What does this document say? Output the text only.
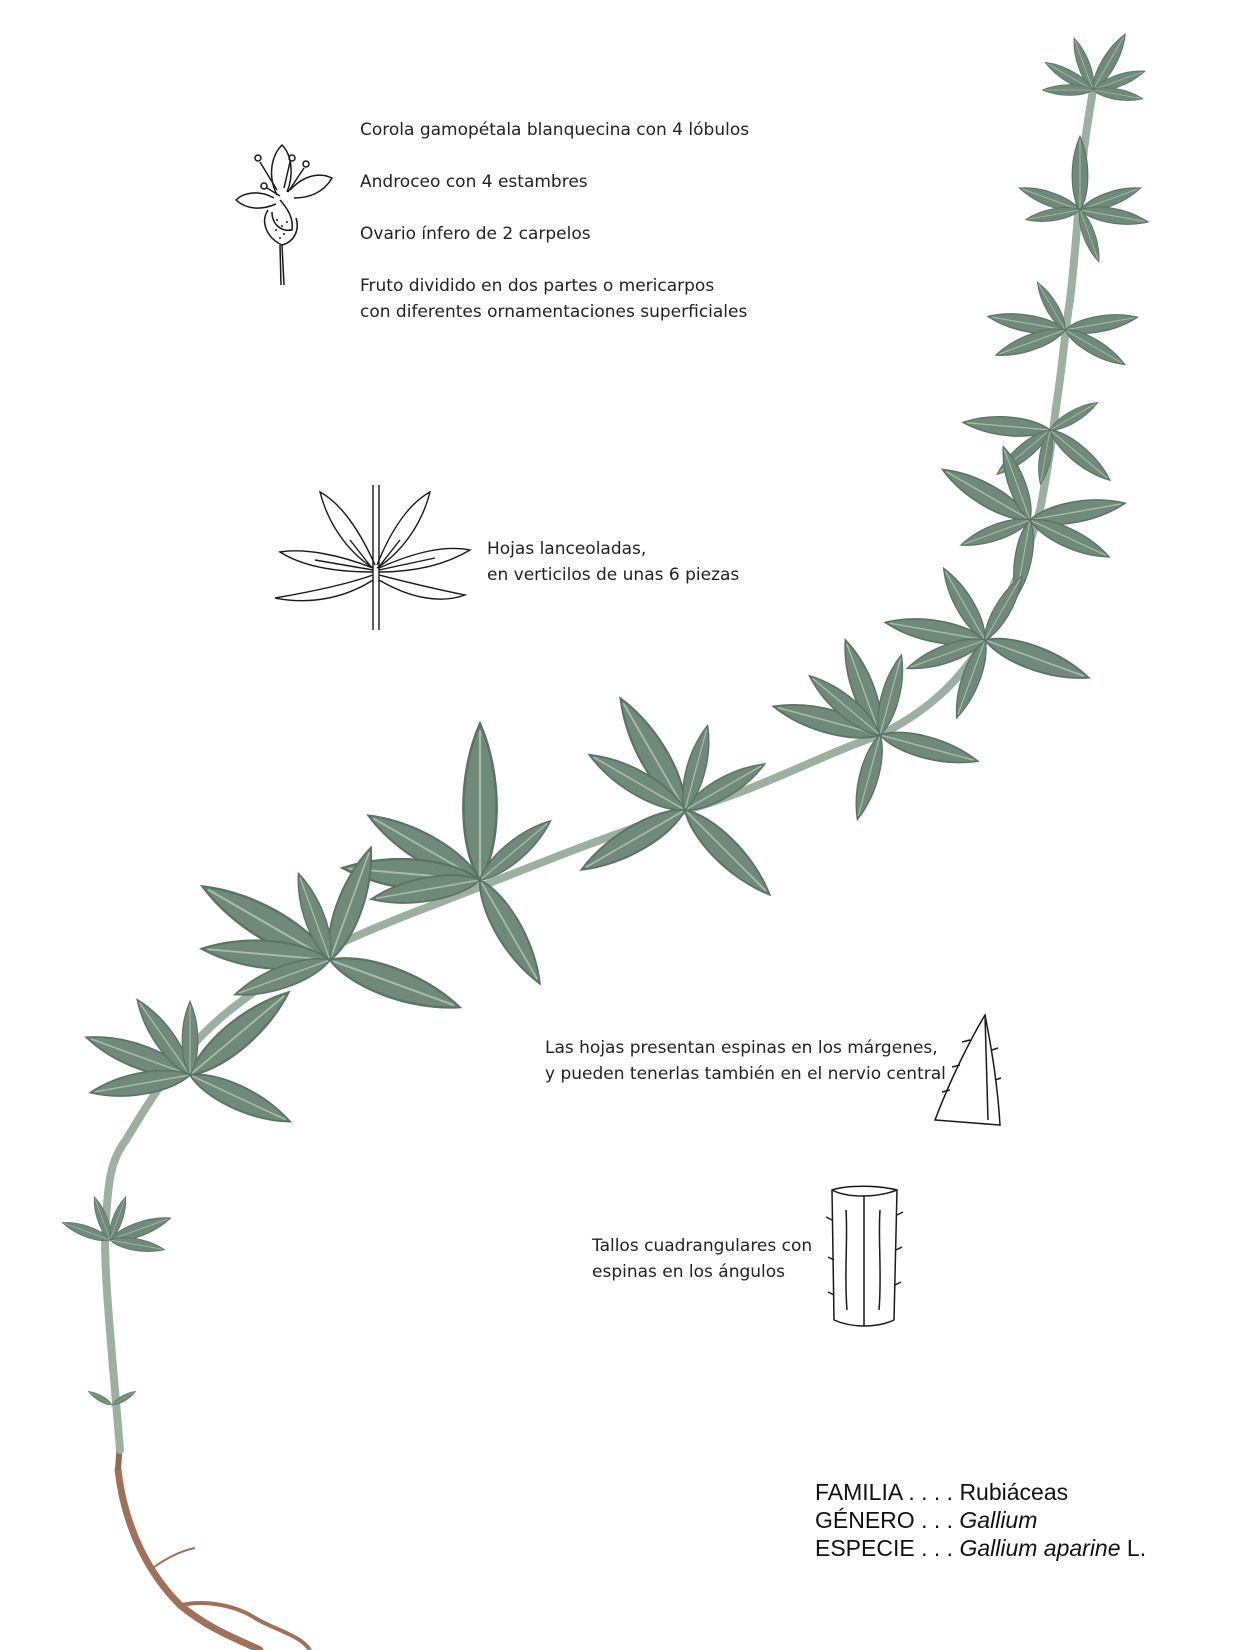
Corola gamopétala blanquecina con 4 lóbulos

Androceo con 4 estambres

Ovario ínfero de 2 carpelos

Fruto dividido en dos partes o mericarpos

con diferentes ornamentaciones superficiales

Hojas lanceoladas,

en verticilos de unas 6 piezas

Las hojas presentan espinas en los márgenes,

y pueden tenerlas también en el nervio central

Tallos cuadrangulares con

espinas en los ángulos

FAMILIA . . . . Rubiáceas
GÉNERO . . . Gallium
ESPECIE . . . Gallium aparine L.
